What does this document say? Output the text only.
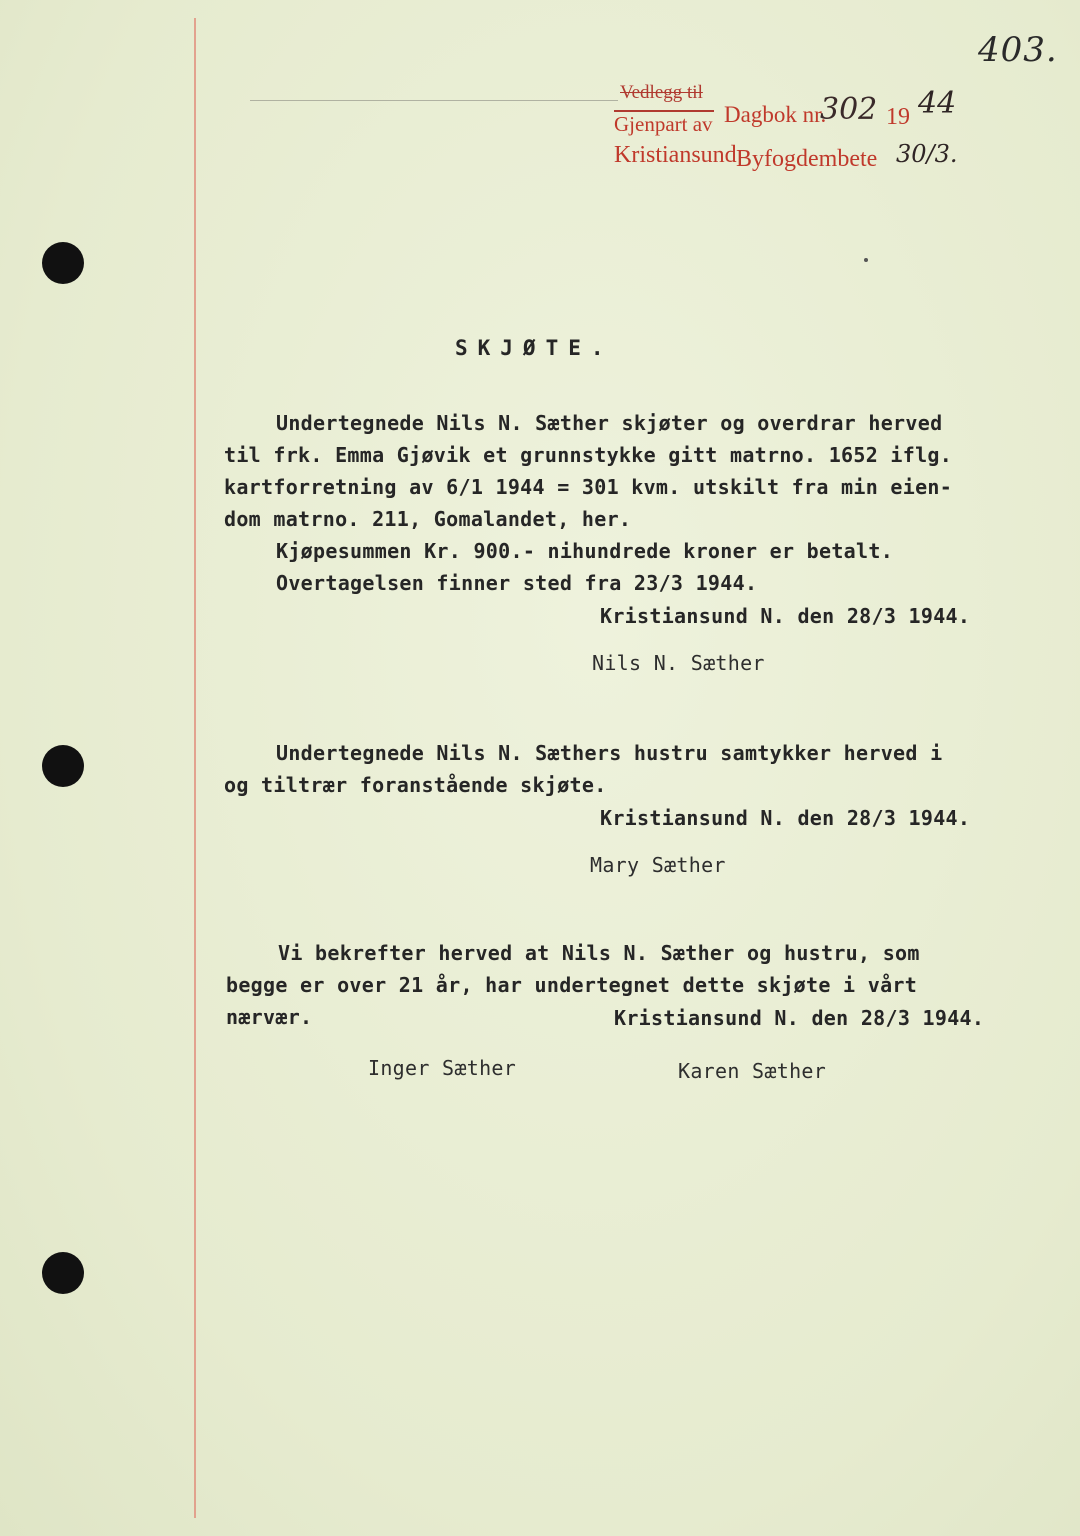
403.
Vedlegg til
Gjenpart av Dagbok nr.
302 19 44
Kristiansund Byfogdembete 30/3.
SKJØTE.
Undertegnede Nils N. Sæther skjøter og overdrar herved
til frk. Emma Gjøvik et grunnstykke gitt matrno. 1652 iflg.
kartforretning av 6/1 1944 = 301 kvm. utskilt fra min eien-
dom matrno. 211, Gomalandet, her.
Kjøpesummen Kr. 900.- nihundrede kroner er betalt.
Overtagelsen finner sted fra 23/3 1944.
Kristiansund N. den 28/3 1944.
Nils N. Sæther
Undertegnede Nils N. Sæthers hustru samtykker herved i
og tiltrær foranstående skjøte.
Kristiansund N. den 28/3 1944.
Mary Sæther
Vi bekrefter herved at Nils N. Sæther og hustru, som
begge er over 21 år, har undertegnet dette skjøte i vårt
nærvær.	Kristiansund N. den 28/3 1944.
Inger Sæther	Karen Sæther
